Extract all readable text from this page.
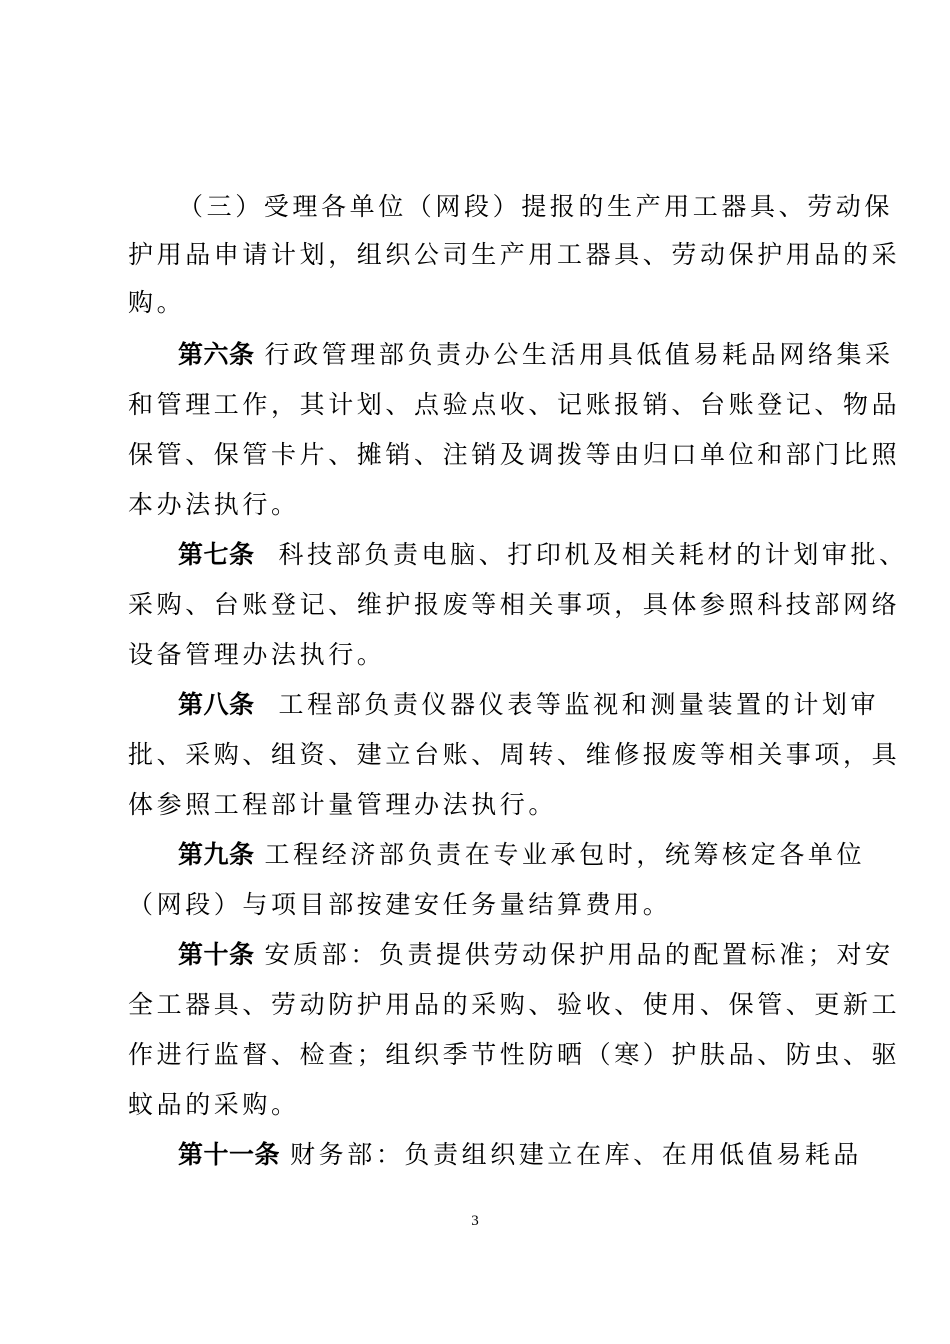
（三）受理各单位（网段）提报的生产用工器具、劳动保
护用品申请计划，组织公司生产用工器具、劳动保护用品的采
购。
第六条 行政管理部负责办公生活用具低值易耗品网络集采
和管理工作，其计划、点验点收、记账报销、台账登记、物品
保管、保管卡片、摊销、注销及调拨等由归口单位和部门比照
本办法执行。
第七条 科技部负责电脑、打印机及相关耗材的计划审批、
采购、台账登记、维护报废等相关事项，具体参照科技部网络
设备管理办法执行。
第八条 工程部负责仪器仪表等监视和测量装置的计划审
批、采购、组资、建立台账、周转、维修报废等相关事项，具
体参照工程部计量管理办法执行。
第九条 工程经济部负责在专业承包时，统筹核定各单位
（网段）与项目部按建安任务量结算费用。
第十条 安质部：负责提供劳动保护用品的配置标准；对安
全工器具、劳动防护用品的采购、验收、使用、保管、更新工
作进行监督、检查；组织季节性防晒（寒）护肤品、防虫、驱
蚊品的采购。
第十一条 财务部：负责组织建立在库、在用低值易耗品
3
